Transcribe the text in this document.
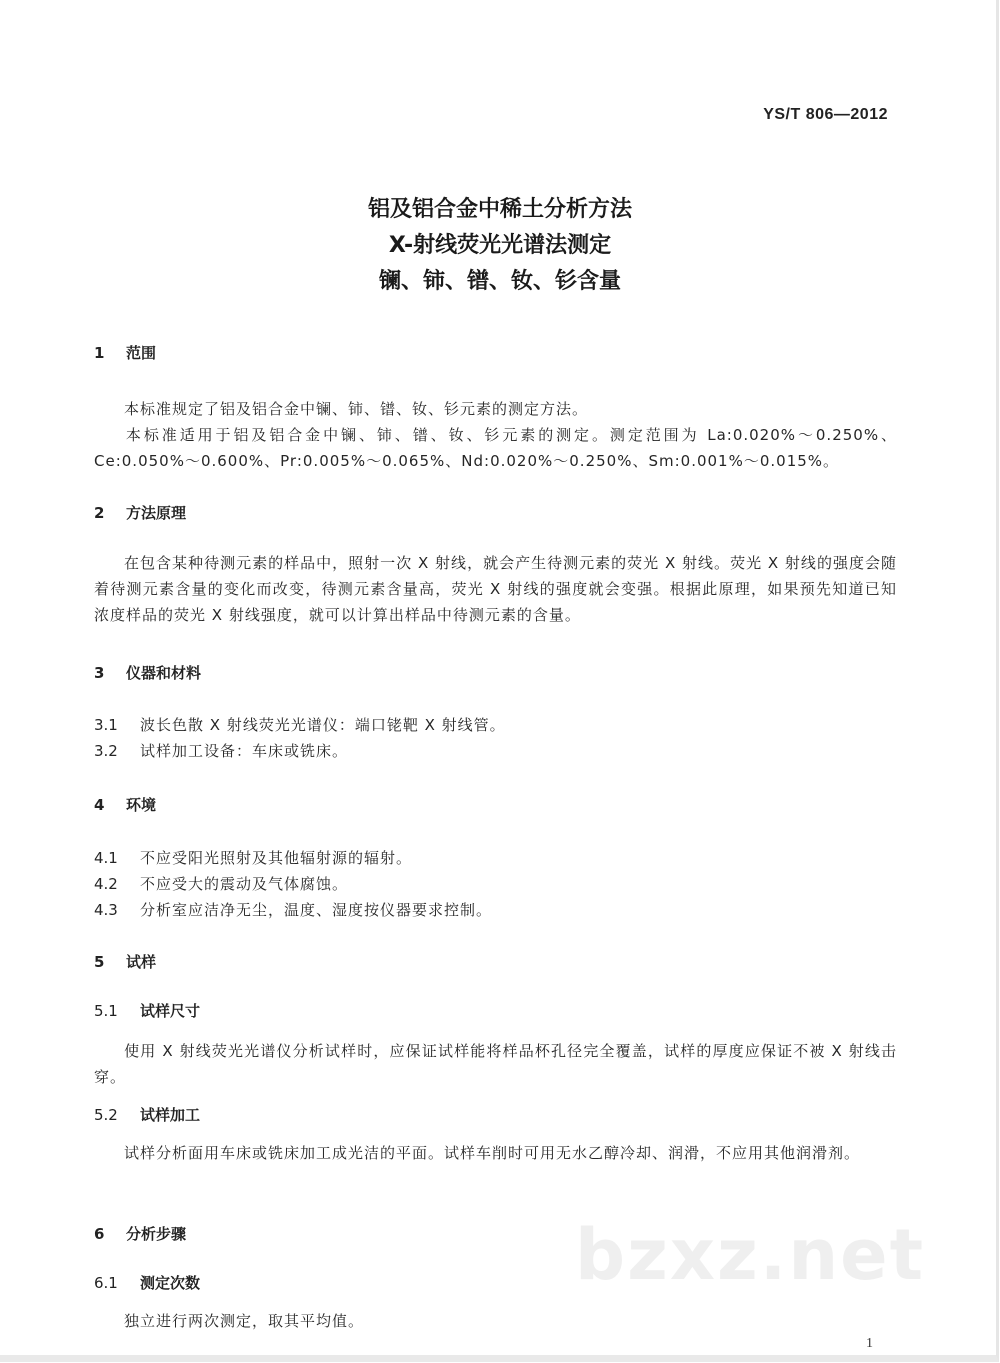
YS/T 806—2012
铝及铝合金中稀土分析方法
X-射线荧光光谱法测定
镧、铈、镨、钕、钐含量
1 范围
本标准规定了铝及铝合金中镧、铈、镨、钕、钐元素的测定方法。
本标准适用于铝及铝合金中镧、铈、镨、钕、钐元素的测定。测定范围为 La:0.020%～0.250%、Ce:0.050%～0.600%、Pr:0.005%～0.065%、Nd:0.020%～0.250%、Sm:0.001%～0.015%。
2 方法原理
在包含某种待测元素的样品中，照射一次 X 射线，就会产生待测元素的荧光 X 射线。荧光 X 射线的强度会随着待测元素含量的变化而改变，待测元素含量高，荧光 X 射线的强度就会变强。根据此原理，如果预先知道已知浓度样品的荧光 X 射线强度，就可以计算出样品中待测元素的含量。
3 仪器和材料
3.1 波长色散 X 射线荧光光谱仪：端口铑靶 X 射线管。
3.2 试样加工设备：车床或铣床。
4 环境
4.1 不应受阳光照射及其他辐射源的辐射。
4.2 不应受大的震动及气体腐蚀。
4.3 分析室应洁净无尘，温度、湿度按仪器要求控制。
5 试样
5.1 试样尺寸
使用 X 射线荧光光谱仪分析试样时，应保证试样能将样品杯孔径完全覆盖，试样的厚度应保证不被 X 射线击穿。
5.2 试样加工
试样分析面用车床或铣床加工成光洁的平面。试样车削时可用无水乙醇冷却、润滑，不应用其他润滑剂。
6 分析步骤
6.1 测定次数
独立进行两次测定，取其平均值。
bzxz.net
1
